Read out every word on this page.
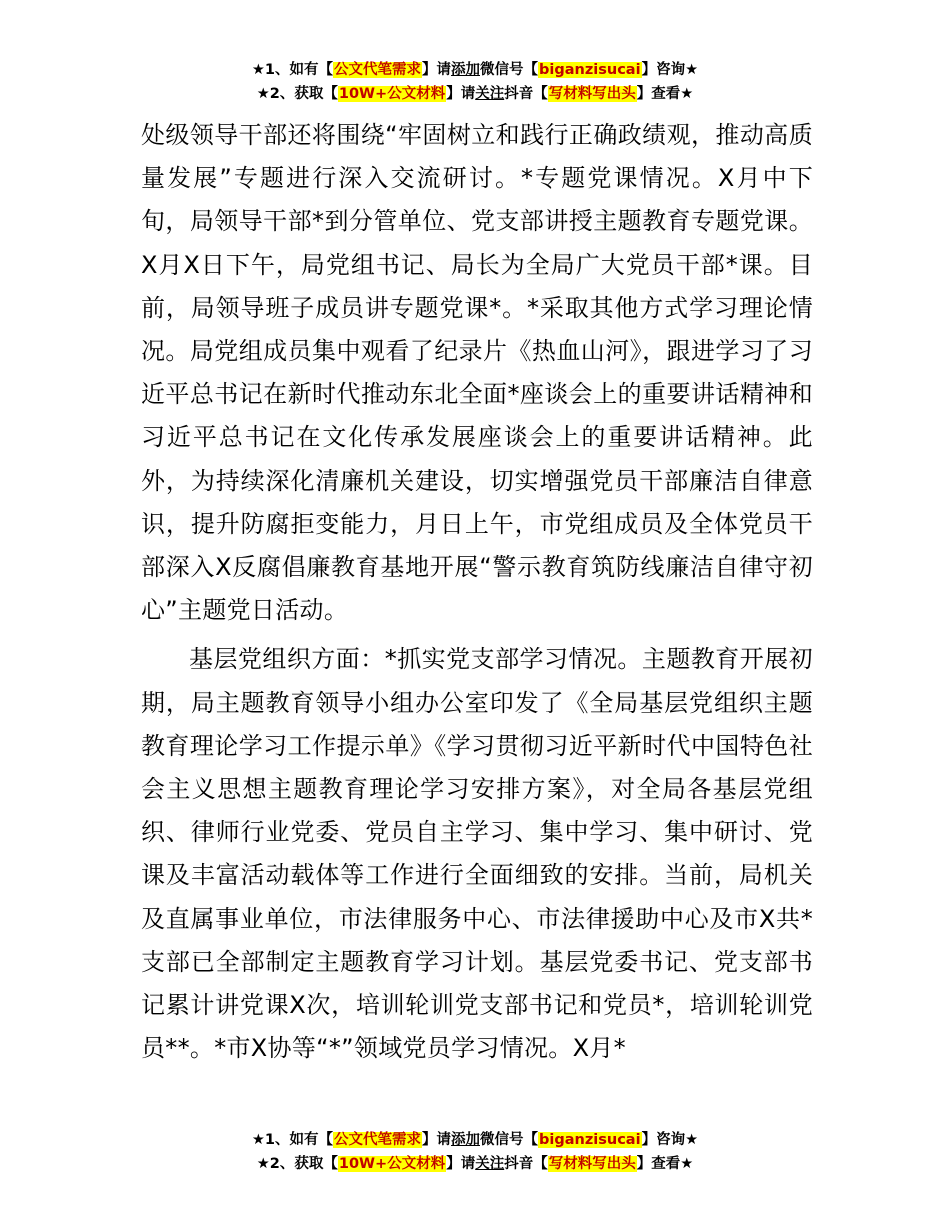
★1、如有【公文代笔需求】请添加微信号【biganzisucai】咨询★
★2、获取【10W+公文材料】请关注抖音【写材料写出头】查看★

处级领导干部还将围绕“牢固树立和践行正确政绩观，推动高质量发展”专题进行深入交流研讨。*专题党课情况。X月中下旬，局领导干部*到分管单位、党支部讲授主题教育专题党课。X月X日下午，局党组书记、局长为全局广大党员干部*课。目前，局领导班子成员讲专题党课*。*采取其他方式学习理论情况。局党组成员集中观看了纪录片《热血山河》，跟进学习了习近平总书记在新时代推动东北全面*座谈会上的重要讲话精神和习近平总书记在文化传承发展座谈会上的重要讲话精神。此外，为持续深化清廉机关建设，切实增强党员干部廉洁自律意识，提升防腐拒变能力，月日上午，市党组成员及全体党员干部深入X反腐倡廉教育基地开展“警示教育筑防线廉洁自律守初心”主题党日活动。

基层党组织方面：*抓实党支部学习情况。主题教育开展初期，局主题教育领导小组办公室印发了《全局基层党组织主题教育理论学习工作提示单》《学习贯彻习近平新时代中国特色社会主义思想主题教育理论学习安排方案》，对全局各基层党组织、律师行业党委、党员自主学习、集中学习、集中研讨、党课及丰富活动载体等工作进行全面细致的安排。当前，局机关及直属事业单位，市法律服务中心、市法律援助中心及市X共*支部已全部制定主题教育学习计划。基层党委书记、党支部书记累计讲党课X次，培训轮训党支部书记和党员*，培训轮训党员**。*市X协等“*”领域党员学习情况。X月*

★1、如有【公文代笔需求】请添加微信号【biganzisucai】咨询★
★2、获取【10W+公文材料】请关注抖音【写材料写出头】查看★
